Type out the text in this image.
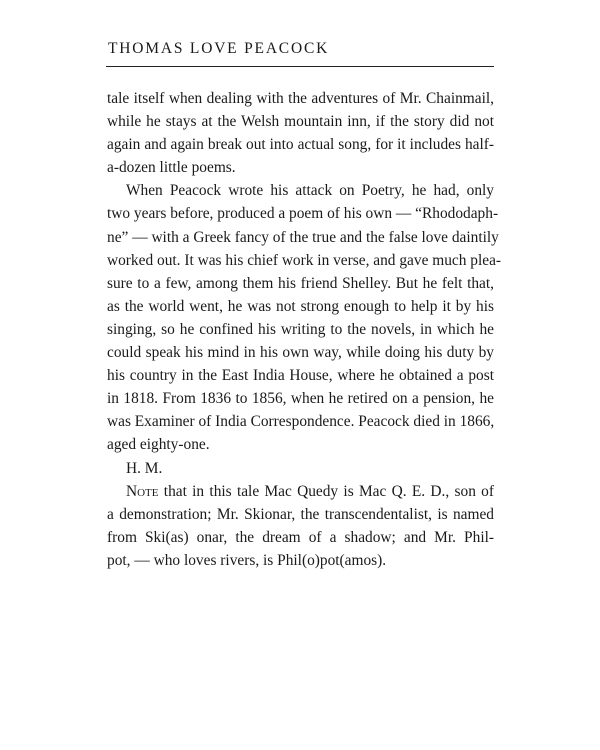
THOMAS LOVE PEACOCK
tale itself when dealing with the adventures of Mr. Chainmail,
while he stays at the Welsh mountain inn, if the story did not
again and again break out into actual song, for it includes half-
a-dozen little poems.
When Peacock wrote his attack on Poetry, he had, only
two years before, produced a poem of his own — “Rhododaph-
ne” — with a Greek fancy of the true and the false love daintily
worked out. It was his chief work in verse, and gave much plea-
sure to a few, among them his friend Shelley. But he felt that,
as the world went, he was not strong enough to help it by his
singing, so he confined his writing to the novels, in which he
could speak his mind in his own way, while doing his duty by
his country in the East India House, where he obtained a post
in 1818. From 1836 to 1856, when he retired on a pension, he
was Examiner of India Correspondence. Peacock died in 1866,
aged eighty-one.
H. M.
Note that in this tale Mac Quedy is Mac Q. E. D., son of
a demonstration; Mr. Skionar, the transcendentalist, is named
from Ski(as) onar, the dream of a shadow; and Mr. Phil-
pot, — who loves rivers, is Phil(o)pot(amos).
